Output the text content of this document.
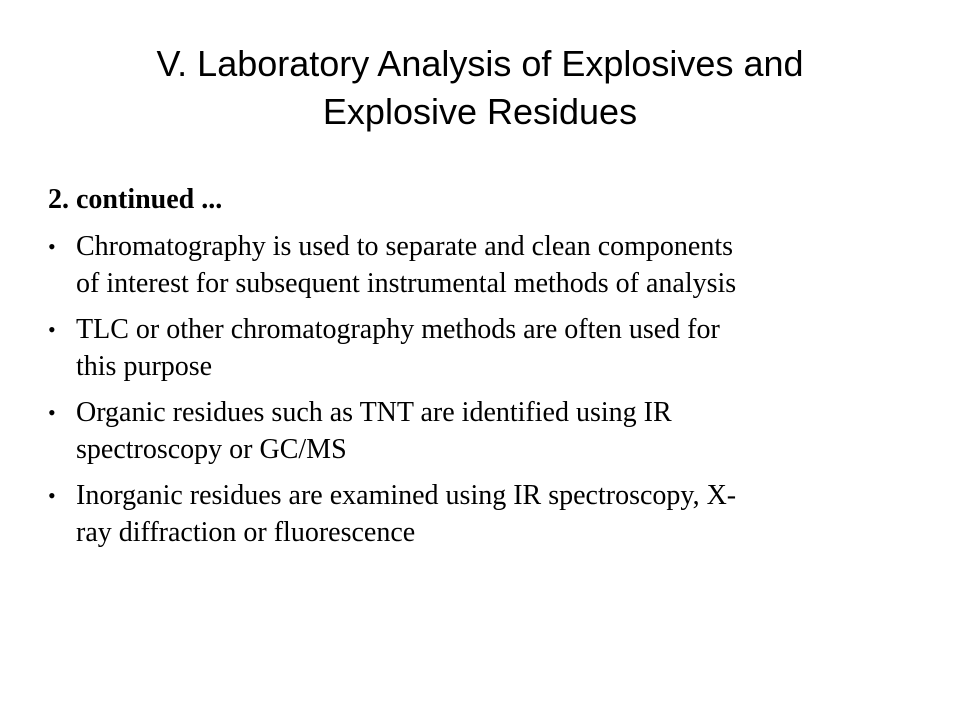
V. Laboratory Analysis of Explosives and
Explosive Residues

2. continued ...

• Chromatography is used to separate and clean components
of interest for subsequent instrumental methods of analysis
• TLC or other chromatography methods are often used for
this purpose
• Organic residues such as TNT are identified using IR
spectroscopy or GC/MS
• Inorganic residues are examined using IR spectroscopy, X-
ray diffraction or fluorescence
